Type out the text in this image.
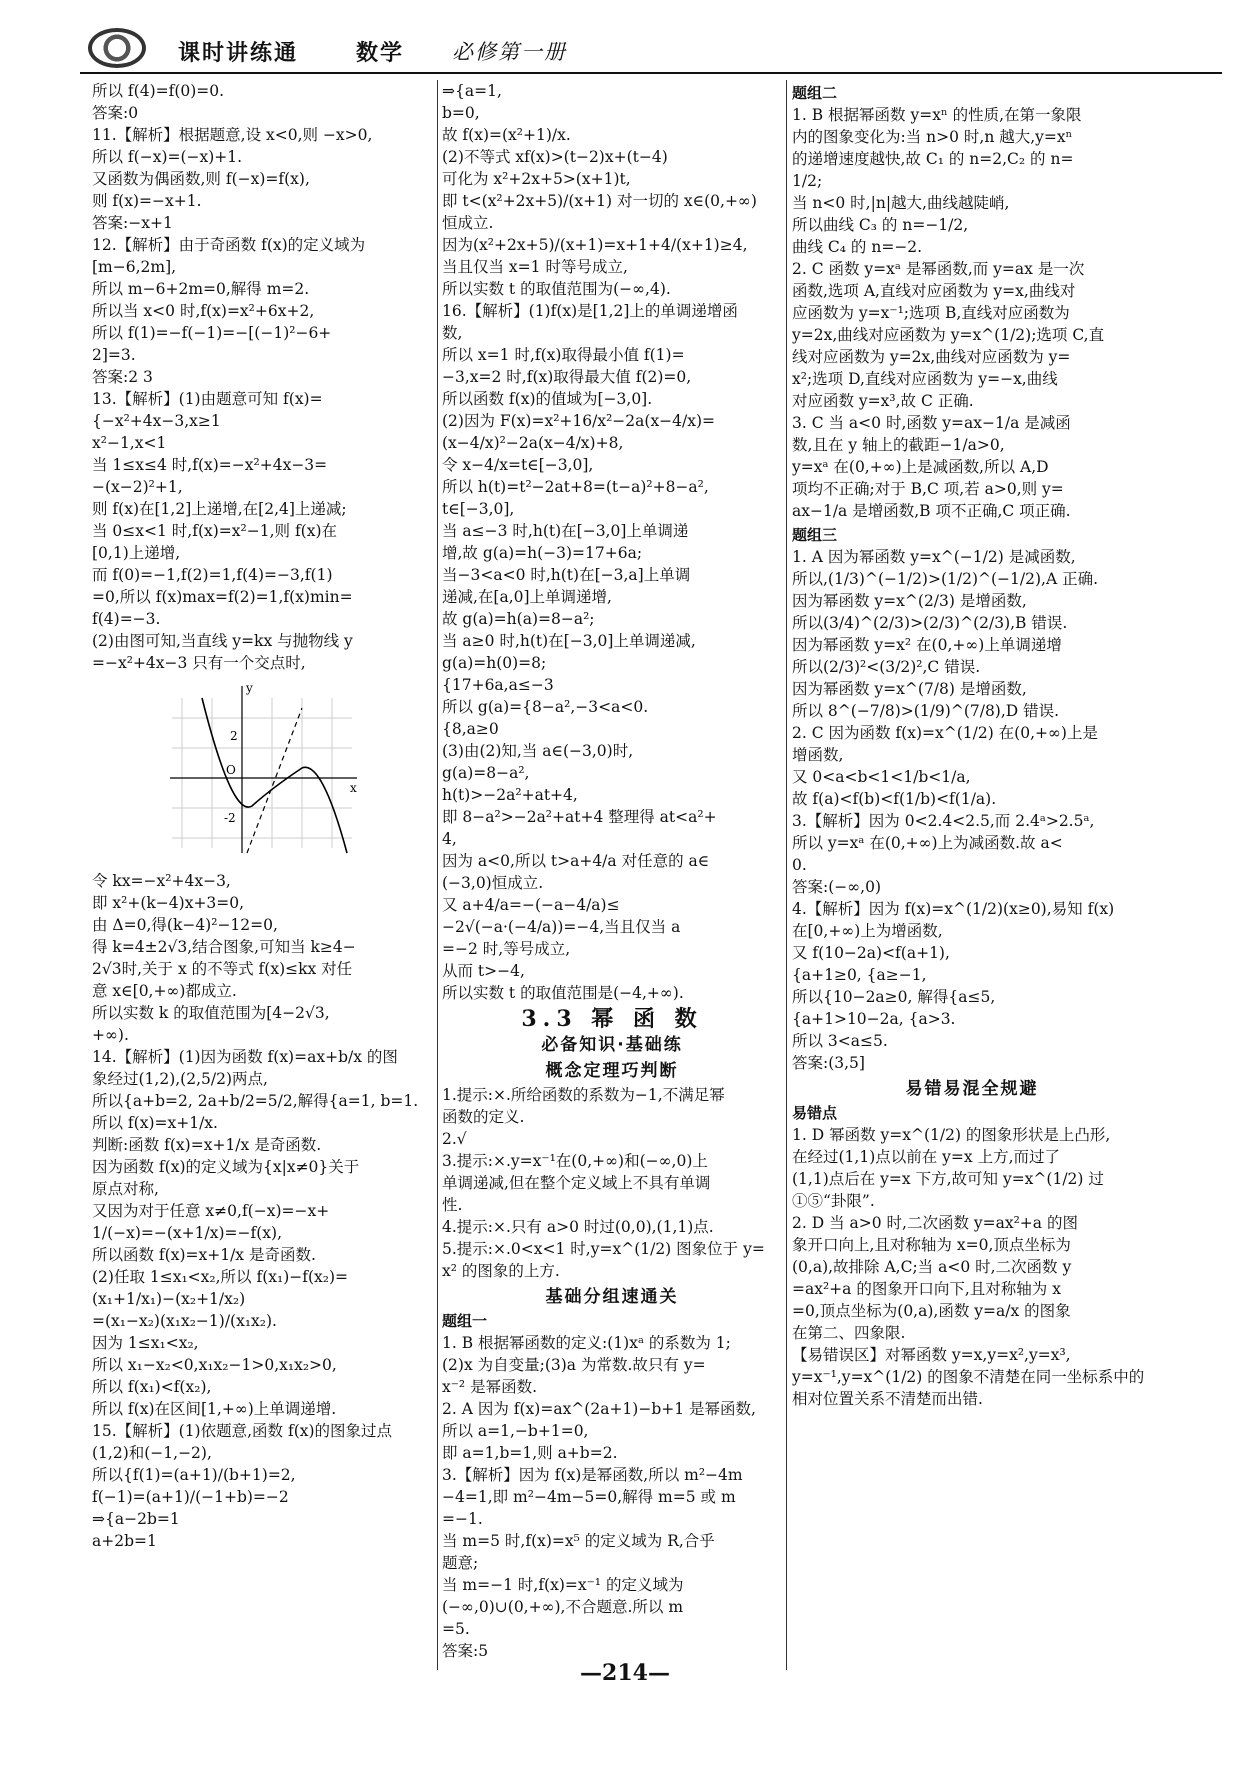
课时讲练通	数学 必修第一册
所以 f(4)=f(0)=0.
答案:0
11.【解析】根据题意,设 x<0,则 −x>0,
所以 f(−x)=(−x)+1.
又函数为偶函数,则 f(−x)=f(x),
则 f(x)=−x+1.
答案:−x+1
12.【解析】由于奇函数 f(x)的定义域为
[m−6,2m],
所以 m−6+2m=0,解得 m=2.
所以当 x<0 时,f(x)=x²+6x+2,
所以 f(1)=−f(−1)=−[(−1)²−6+
2]=3.
答案:2 3
13.【解析】(1)由题意可知 f(x)=
{−x²+4x−3,x≥1
x²−1,x<1
当 1≤x≤4 时,f(x)=−x²+4x−3=
−(x−2)²+1,
则 f(x)在[1,2]上递增,在[2,4]上递减;
当 0≤x<1 时,f(x)=x²−1,则 f(x)在
[0,1)上递增,
而 f(0)=−1,f(2)=1,f(4)=−3,f(1)
=0,所以 f(x)max=f(2)=1,f(x)min=
f(4)=−3.
(2)由图可知,当直线 y=kx 与抛物线 y
=−x²+4x−3 只有一个交点时,
y
x
O
2
-2
令 kx=−x²+4x−3,
即 x²+(k−4)x+3=0,
由 Δ=0,得(k−4)²−12=0,
得 k=4±2√3,结合图象,可知当 k≥4−
2√3时,关于 x 的不等式 f(x)≤kx 对任
意 x∈[0,+∞)都成立.
所以实数 k 的取值范围为[4−2√3,
+∞).
14.【解析】(1)因为函数 f(x)=ax+b/x 的图
象经过(1,2),(2,5/2)两点,
所以{a+b=2, 2a+b/2=5/2,解得{a=1, b=1.
所以 f(x)=x+1/x.
判断:函数 f(x)=x+1/x 是奇函数.
因为函数 f(x)的定义域为{x|x≠0}关于
原点对称,
又因为对于任意 x≠0,f(−x)=−x+
1/(−x)=−(x+1/x)=−f(x),
所以函数 f(x)=x+1/x 是奇函数.
(2)任取 1≤x₁<x₂,所以 f(x₁)−f(x₂)=
(x₁+1/x₁)−(x₂+1/x₂)
=(x₁−x₂)(x₁x₂−1)/(x₁x₂).
因为 1≤x₁<x₂,
所以 x₁−x₂<0,x₁x₂−1>0,x₁x₂>0,
所以 f(x₁)<f(x₂),
所以 f(x)在区间[1,+∞)上单调递增.
15.【解析】(1)依题意,函数 f(x)的图象过点
(1,2)和(−1,−2),
所以{f(1)=(a+1)/(b+1)=2,
f(−1)=(a+1)/(−1+b)=−2
⇒{a−2b=1
a+2b=1
⇒{a=1,
b=0,
故 f(x)=(x²+1)/x.
(2)不等式 xf(x)>(t−2)x+(t−4)
可化为 x²+2x+5>(x+1)t,
即 t<(x²+2x+5)/(x+1) 对一切的 x∈(0,+∞)
恒成立.
因为(x²+2x+5)/(x+1)=x+1+4/(x+1)≥4,
当且仅当 x=1 时等号成立,
所以实数 t 的取值范围为(−∞,4).
16.【解析】(1)f(x)是[1,2]上的单调递增函
数,
所以 x=1 时,f(x)取得最小值 f(1)=
−3,x=2 时,f(x)取得最大值 f(2)=0,
所以函数 f(x)的值域为[−3,0].
(2)因为 F(x)=x²+16/x²−2a(x−4/x)=
(x−4/x)²−2a(x−4/x)+8,
令 x−4/x=t∈[−3,0],
所以 h(t)=t²−2at+8=(t−a)²+8−a²,
t∈[−3,0],
当 a≤−3 时,h(t)在[−3,0]上单调递
增,故 g(a)=h(−3)=17+6a;
当−3<a<0 时,h(t)在[−3,a]上单调
递减,在[a,0]上单调递增,
故 g(a)=h(a)=8−a²;
当 a≥0 时,h(t)在[−3,0]上单调递减,
g(a)=h(0)=8;
{17+6a,a≤−3
所以 g(a)={8−a²,−3<a<0.
{8,a≥0
(3)由(2)知,当 a∈(−3,0)时,
g(a)=8−a²,
h(t)>−2a²+at+4,
即 8−a²>−2a²+at+4 整理得 at<a²+
4,
因为 a<0,所以 t>a+4/a 对任意的 a∈
(−3,0)恒成立.
又 a+4/a=−(−a−4/a)≤
−2√(−a·(−4/a))=−4,当且仅当 a
=−2 时,等号成立,
从而 t>−4,
所以实数 t 的取值范围是(−4,+∞).
3.3 幂 函 数
必备知识·基础练
概念定理巧判断
1.提示:×.所给函数的系数为−1,不满足幂
函数的定义.
2.√
3.提示:×.y=x⁻¹在(0,+∞)和(−∞,0)上
单调递减,但在整个定义域上不具有单调
性.
4.提示:×.只有 a>0 时过(0,0),(1,1)点.
5.提示:×.0<x<1 时,y=x^(1/2) 图象位于 y=
x² 的图象的上方.
基础分组速通关
题组一
1. B 根据幂函数的定义:(1)xᵃ 的系数为 1;
(2)x 为自变量;(3)a 为常数.故只有 y=
x⁻² 是幂函数.
2. A 因为 f(x)=ax^(2a+1)−b+1 是幂函数,
所以 a=1,−b+1=0,
即 a=1,b=1,则 a+b=2.
3.【解析】因为 f(x)是幂函数,所以 m²−4m
−4=1,即 m²−4m−5=0,解得 m=5 或 m
=−1.
当 m=5 时,f(x)=x⁵ 的定义域为 R,合乎
题意;
当 m=−1 时,f(x)=x⁻¹ 的定义域为
(−∞,0)∪(0,+∞),不合题意.所以 m
=5.
答案:5
题组二
1. B 根据幂函数 y=xⁿ 的性质,在第一象限
内的图象变化为:当 n>0 时,n 越大,y=xⁿ
的递增速度越快,故 C₁ 的 n=2,C₂ 的 n=
1/2;
当 n<0 时,|n|越大,曲线越陡峭,
所以曲线 C₃ 的 n=−1/2,
曲线 C₄ 的 n=−2.
2. C 函数 y=xᵃ 是幂函数,而 y=ax 是一次
函数,选项 A,直线对应函数为 y=x,曲线对
应函数为 y=x⁻¹;选项 B,直线对应函数为
y=2x,曲线对应函数为 y=x^(1/2);选项 C,直
线对应函数为 y=2x,曲线对应函数为 y=
x²;选项 D,直线对应函数为 y=−x,曲线
对应函数 y=x³,故 C 正确.
3. C 当 a<0 时,函数 y=ax−1/a 是减函
数,且在 y 轴上的截距−1/a>0,
y=xᵃ 在(0,+∞)上是减函数,所以 A,D
项均不正确;对于 B,C 项,若 a>0,则 y=
ax−1/a 是增函数,B 项不正确,C 项正确.
题组三
1. A 因为幂函数 y=x^(−1/2) 是减函数,
所以,(1/3)^(−1/2)>(1/2)^(−1/2),A 正确.
因为幂函数 y=x^(2/3) 是增函数,
所以(3/4)^(2/3)>(2/3)^(2/3),B 错误.
因为幂函数 y=x² 在(0,+∞)上单调递增
所以(2/3)²<(3/2)²,C 错误.
因为幂函数 y=x^(7/8) 是增函数,
所以 8^(−7/8)>(1/9)^(7/8),D 错误.
2. C 因为函数 f(x)=x^(1/2) 在(0,+∞)上是
增函数,
又 0<a<b<1<1/b<1/a,
故 f(a)<f(b)<f(1/b)<f(1/a).
3.【解析】因为 0<2.4<2.5,而 2.4ᵃ>2.5ᵃ,
所以 y=xᵃ 在(0,+∞)上为减函数.故 a<
0.
答案:(−∞,0)
4.【解析】因为 f(x)=x^(1/2)(x≥0),易知 f(x)
在[0,+∞)上为增函数,
又 f(10−2a)<f(a+1),
{a+1≥0, {a≥−1,
所以{10−2a≥0, 解得{a≤5,
{a+1>10−2a, {a>3.
所以 3<a≤5.
答案:(3,5]
易错易混全规避
易错点
1. D 幂函数 y=x^(1/2) 的图象形状是上凸形,
在经过(1,1)点以前在 y=x 上方,而过了
(1,1)点后在 y=x 下方,故可知 y=x^(1/2) 过
①⑤“卦限”.
2. D 当 a>0 时,二次函数 y=ax²+a 的图
象开口向上,且对称轴为 x=0,顶点坐标为
(0,a),故排除 A,C;当 a<0 时,二次函数 y
=ax²+a 的图象开口向下,且对称轴为 x
=0,顶点坐标为(0,a),函数 y=a/x 的图象
在第二、四象限.
【易错误区】对幂函数 y=x,y=x²,y=x³,
y=x⁻¹,y=x^(1/2) 的图象不清楚在同一坐标系中的
相对位置关系不清楚而出错.
—214—
